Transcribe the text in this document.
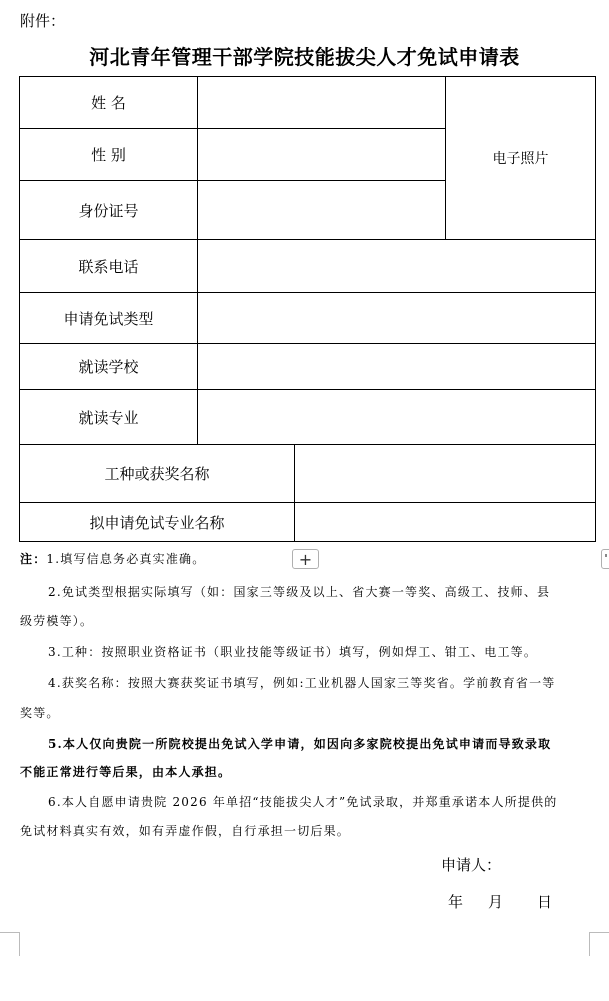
附件：
河北青年管理干部学院技能拔尖人才免试申请表
姓 名
性 别
身份证号
电子照片
联系电话
申请免试类型
就读学校
就读专业
工种或获奖名称
拟申请免试专业名称
+
注：1.填写信息务必真实准确。
2.免试类型根据实际填写（如：国家三等级及以上、省大赛一等奖、高级工、技师、县
级劳模等）。
3.工种：按照职业资格证书（职业技能等级证书）填写，例如焊工、钳工、电工等。
4.获奖名称：按照大赛获奖证书填写，例如:工业机器人国家三等奖省。学前教育省一等
奖等。
5.本人仅向贵院一所院校提出免试入学申请，如因向多家院校提出免试申请而导致录取
不能正常进行等后果，由本人承担。
6.本人自愿申请贵院 2026 年单招“技能拔尖人才”免试录取，并郑重承诺本人所提供的
免试材料真实有效，如有弄虚作假，自行承担一切后果。
申请人：
年 月 日
